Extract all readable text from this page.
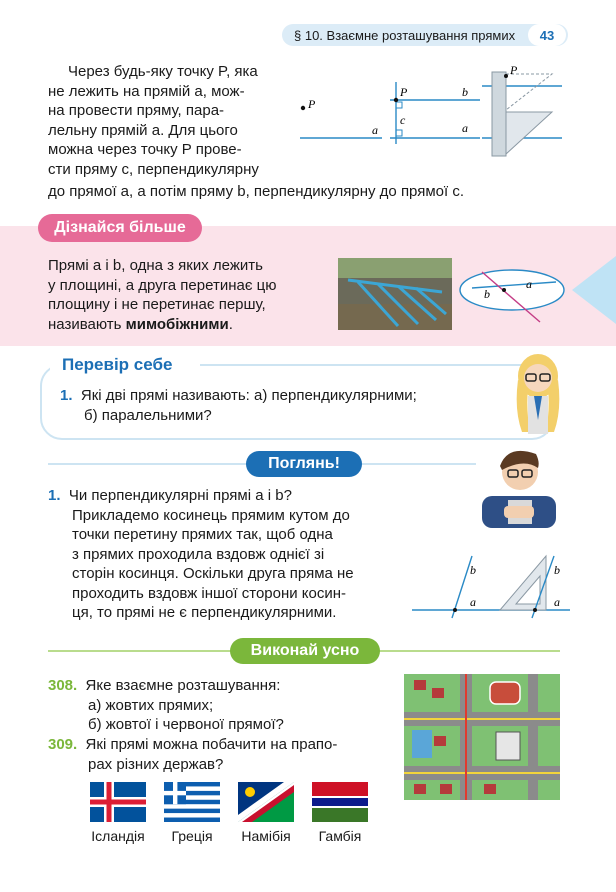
§ 10. Взаємне розташування прямих	43
Через будь-яку точку P, яка
не лежить на прямій a, мож-
на провести пряму, пара-
лельну прямій a. Для цього
можна через точку P прове-
сти пряму c, перпендикулярну
до прямої a, а потім пряму b, перпендикулярну до прямої c.
P
a
P
c
b
a
P
Дізнайся більше
Прямі a і b, одна з яких лежить
у площині, а друга перетинає цю
площину і не перетинає першу,
називають мимобіжними.
b
a
Перевір себе
1. Які дві прямі називають: а) перпендикулярними;
б) паралельними?
Поглянь!
1. Чи перпендикулярні прямі a і b?
Прикладемо косинець прямим кутом до
точки перетину прямих так, щоб одна
з прямих проходила вздовж однієї зі
сторін косинця. Оскільки друга пряма не
проходить вздовж іншої сторони косин-
ця, то прямі не є перпендикулярними.
b
a
b
a
Виконай усно
308. Яке взаємне розташування:
а) жовтих прямих;
б) жовтої і червоної прямої?
309. Які прямі можна побачити на прапо-
рах різних держав?
Ісландія	Греція	Намібія	Гамбія
